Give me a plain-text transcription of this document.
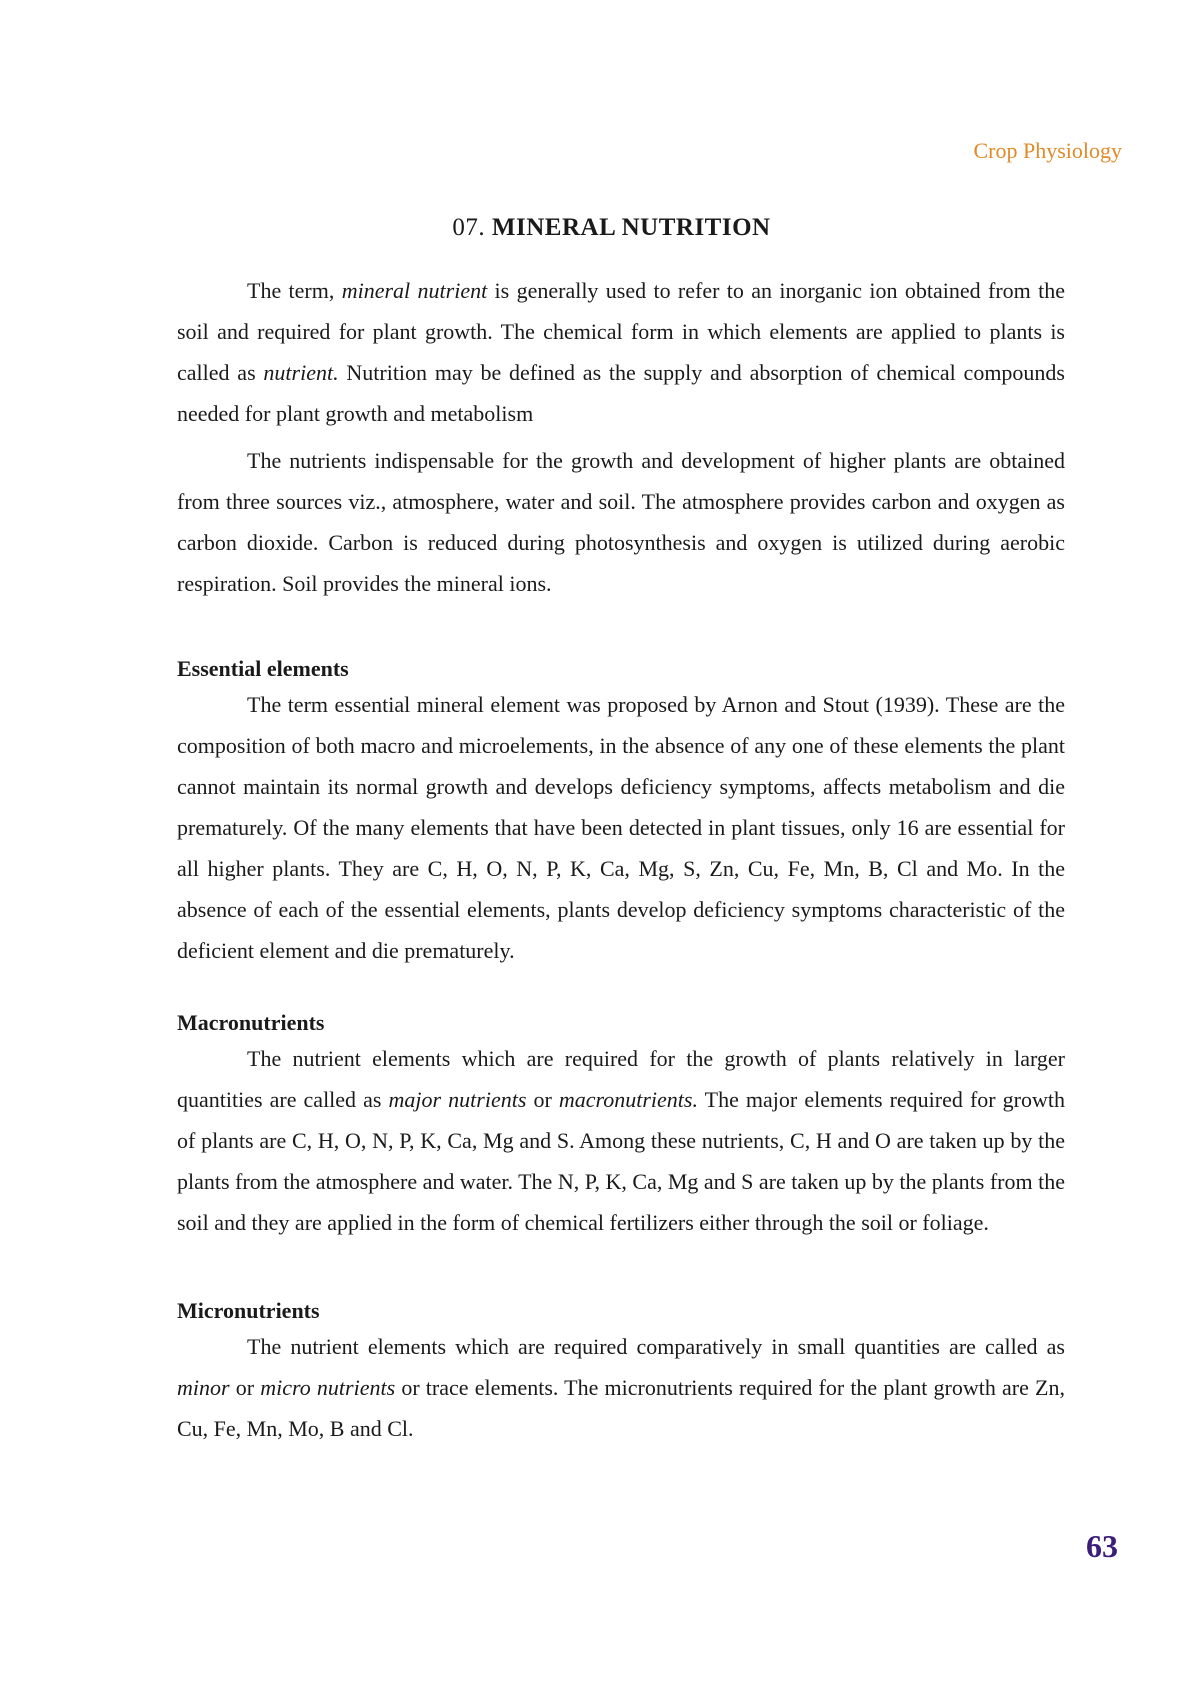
Crop Physiology
07. MINERAL NUTRITION

The term, mineral nutrient is generally used to refer to an inorganic ion obtained from the soil and required for plant growth. The chemical form in which elements are applied to plants is called as nutrient. Nutrition may be defined as the supply and absorption of chemical compounds needed for plant growth and metabolism

The nutrients indispensable for the growth and development of higher plants are obtained from three sources viz., atmosphere, water and soil. The atmosphere provides carbon and oxygen as carbon dioxide. Carbon is reduced during photosynthesis and oxygen is utilized during aerobic respiration. Soil provides the mineral ions.

Essential elements

The term essential mineral element was proposed by Arnon and Stout (1939). These are the composition of both macro and microelements, in the absence of any one of these elements the plant cannot maintain its normal growth and develops deficiency symptoms, affects metabolism and die prematurely. Of the many elements that have been detected in plant tissues, only 16 are essential for all higher plants. They are C, H, O, N, P, K, Ca, Mg, S, Zn, Cu, Fe, Mn, B, Cl and Mo. In the absence of each of the essential elements, plants develop deficiency symptoms characteristic of the deficient element and die prematurely.

Macronutrients

The nutrient elements which are required for the growth of plants relatively in larger quantities are called as major nutrients or macronutrients. The major elements required for growth of plants are C, H, O, N, P, K, Ca, Mg and S. Among these nutrients, C, H and O are taken up by the plants from the atmosphere and water. The N, P, K, Ca, Mg and S are taken up by the plants from the soil and they are applied in the form of chemical fertilizers either through the soil or foliage.

Micronutrients

The nutrient elements which are required comparatively in small quantities are called as minor or micro nutrients or trace elements. The micronutrients required for the plant growth are Zn, Cu, Fe, Mn, Mo, B and Cl.

63
